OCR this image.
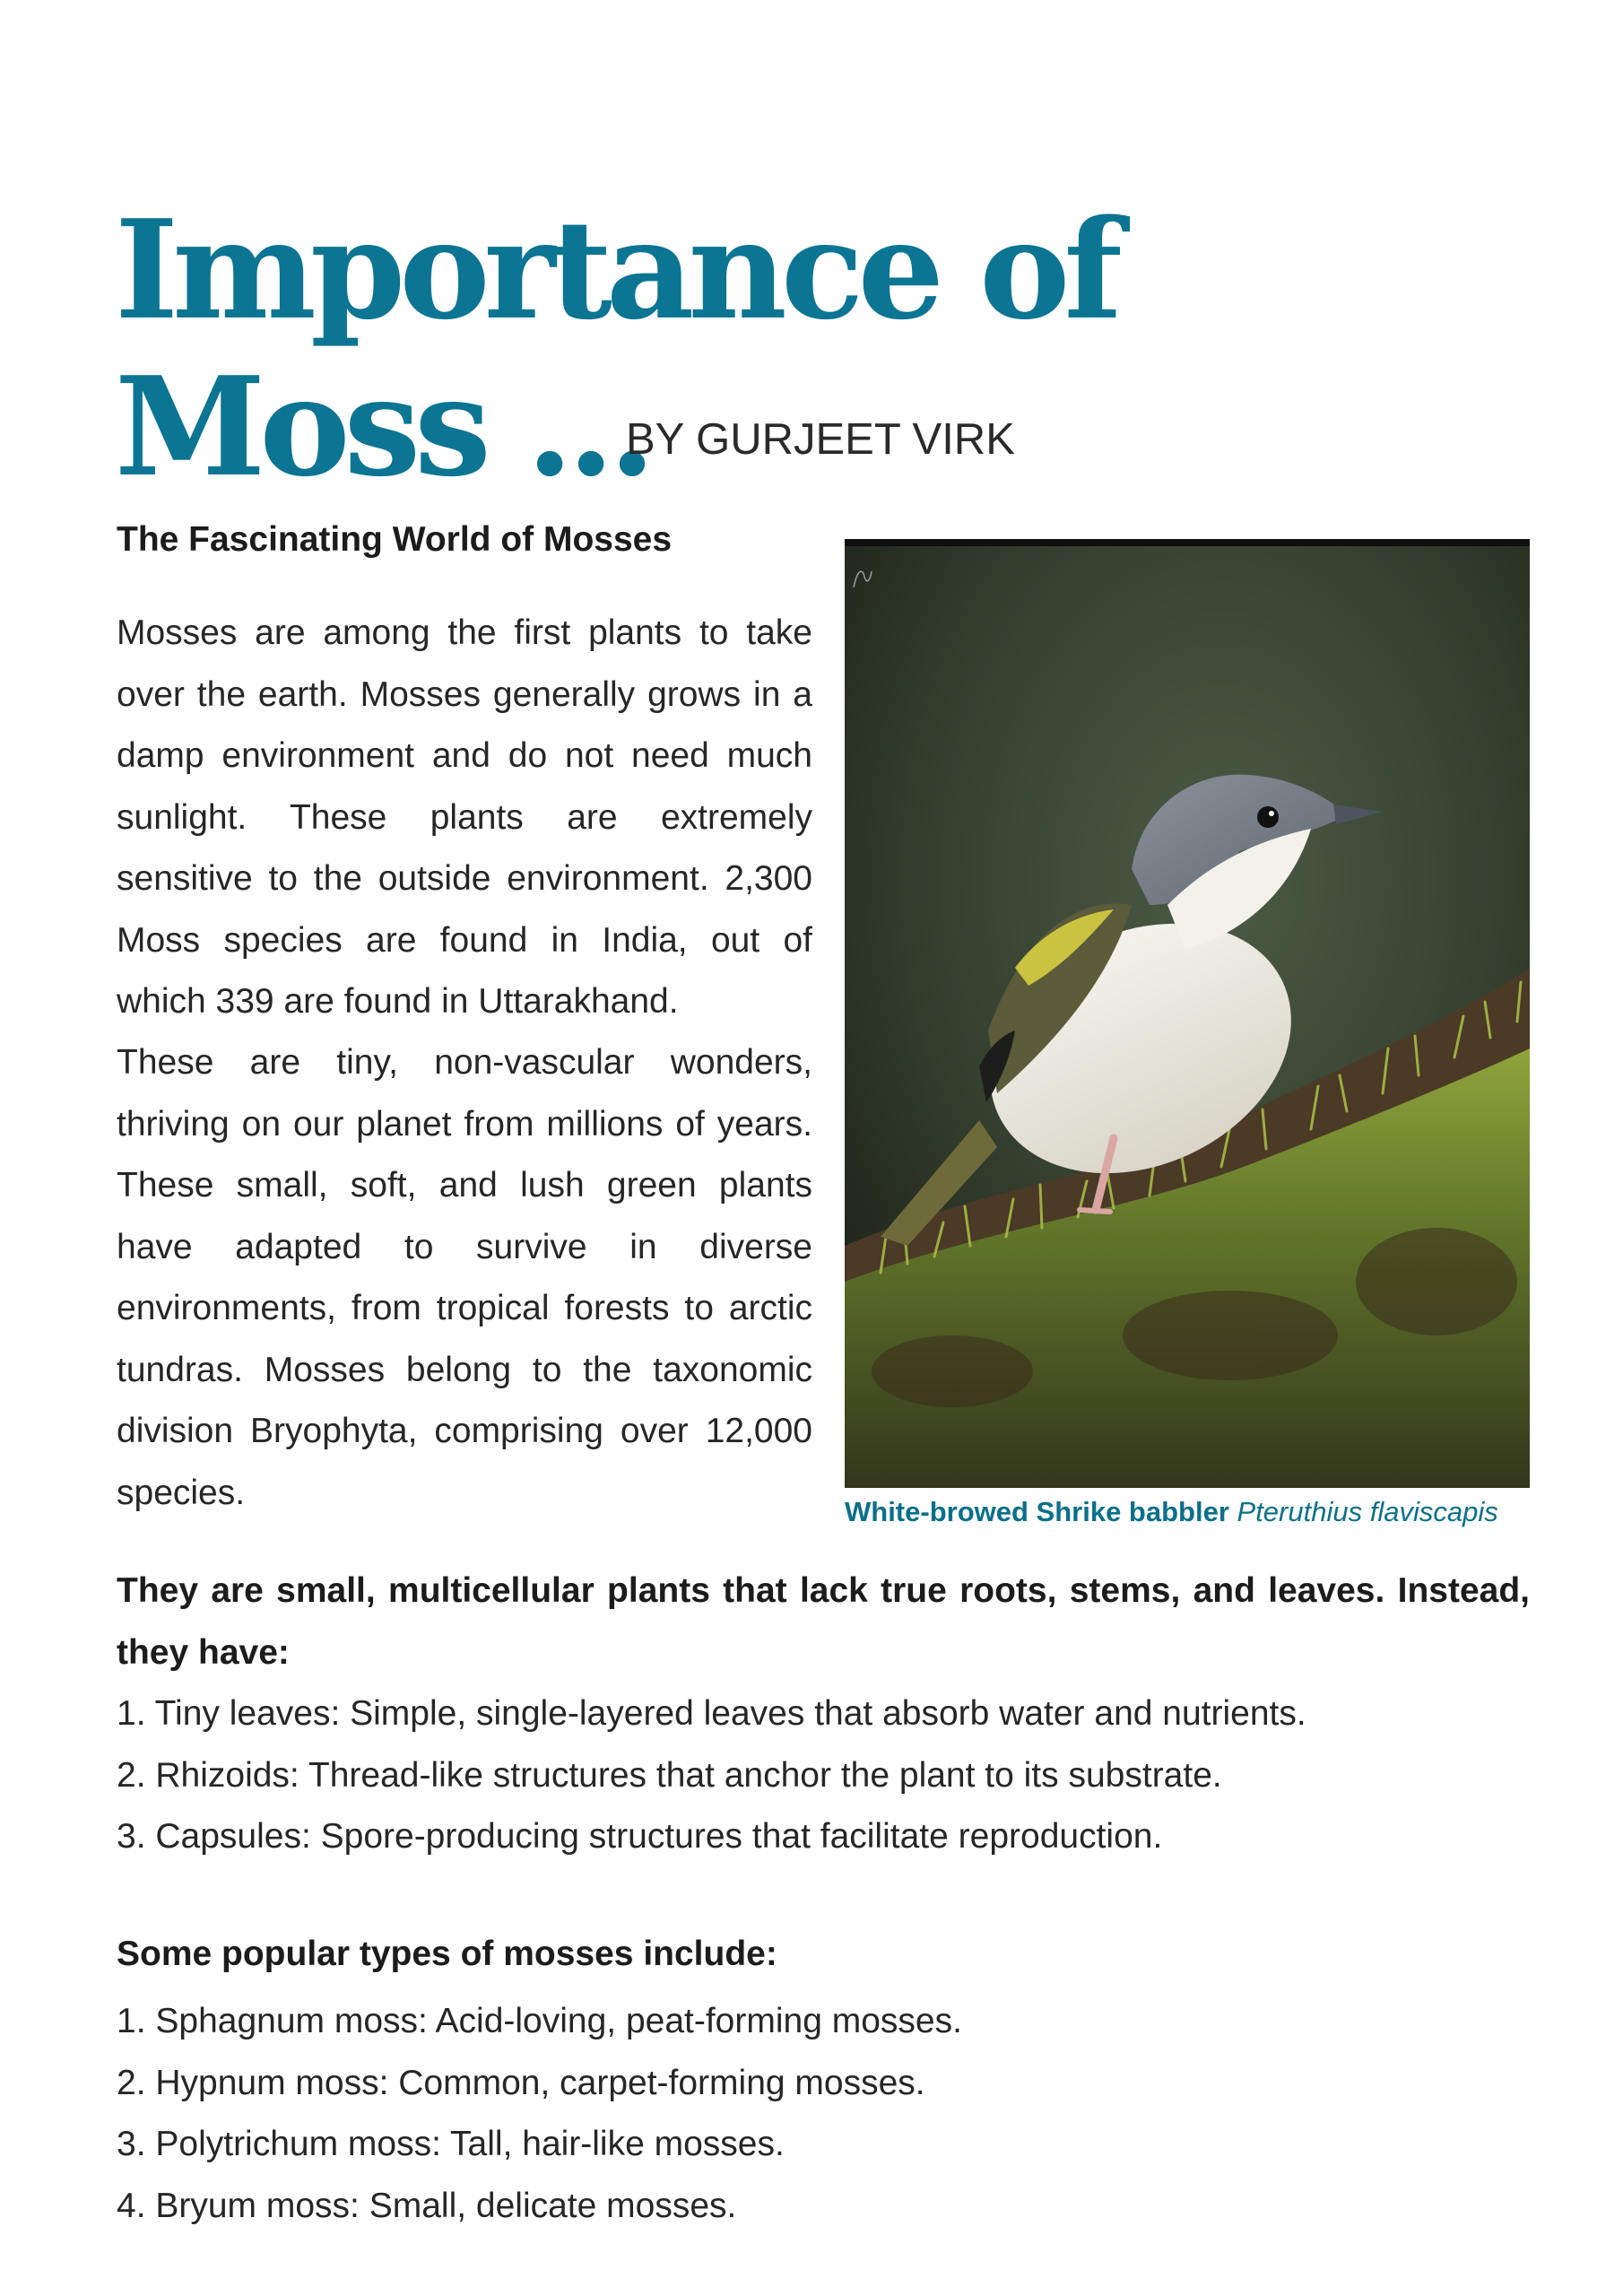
Importance of
Moss ...
BY GURJEET VIRK
The Fascinating World of Mosses

Mosses are among the first plants to take over the earth. Mosses generally grows in a damp environment and do not need much sunlight. These plants are extremely sensitive to the outside environment. 2,300 Moss species are found in India, out of which 339 are found in Uttarakhand.

These are tiny, non-vascular wonders, thriving on our planet from millions of years. These small, soft, and lush green plants have adapted to survive in diverse environments, from tropical forests to arctic tundras. Mosses belong to the taxonomic division Bryophyta, comprising over 12,000 species.	White-browed Shrike babbler Pteruthius flaviscapis

They are small, multicellular plants that lack true roots, stems, and leaves. Instead, they have:

1. Tiny leaves: Simple, single-layered leaves that absorb water and nutrients.
2. Rhizoids: Thread-like structures that anchor the plant to its substrate.
3. Capsules: Spore-producing structures that facilitate reproduction.
Some popular types of mosses include:
1. Sphagnum moss: Acid-loving, peat-forming mosses.
2. Hypnum moss: Common, carpet-forming mosses.
3. Polytrichum moss: Tall, hair-like mosses.
4. Bryum moss: Small, delicate mosses.
